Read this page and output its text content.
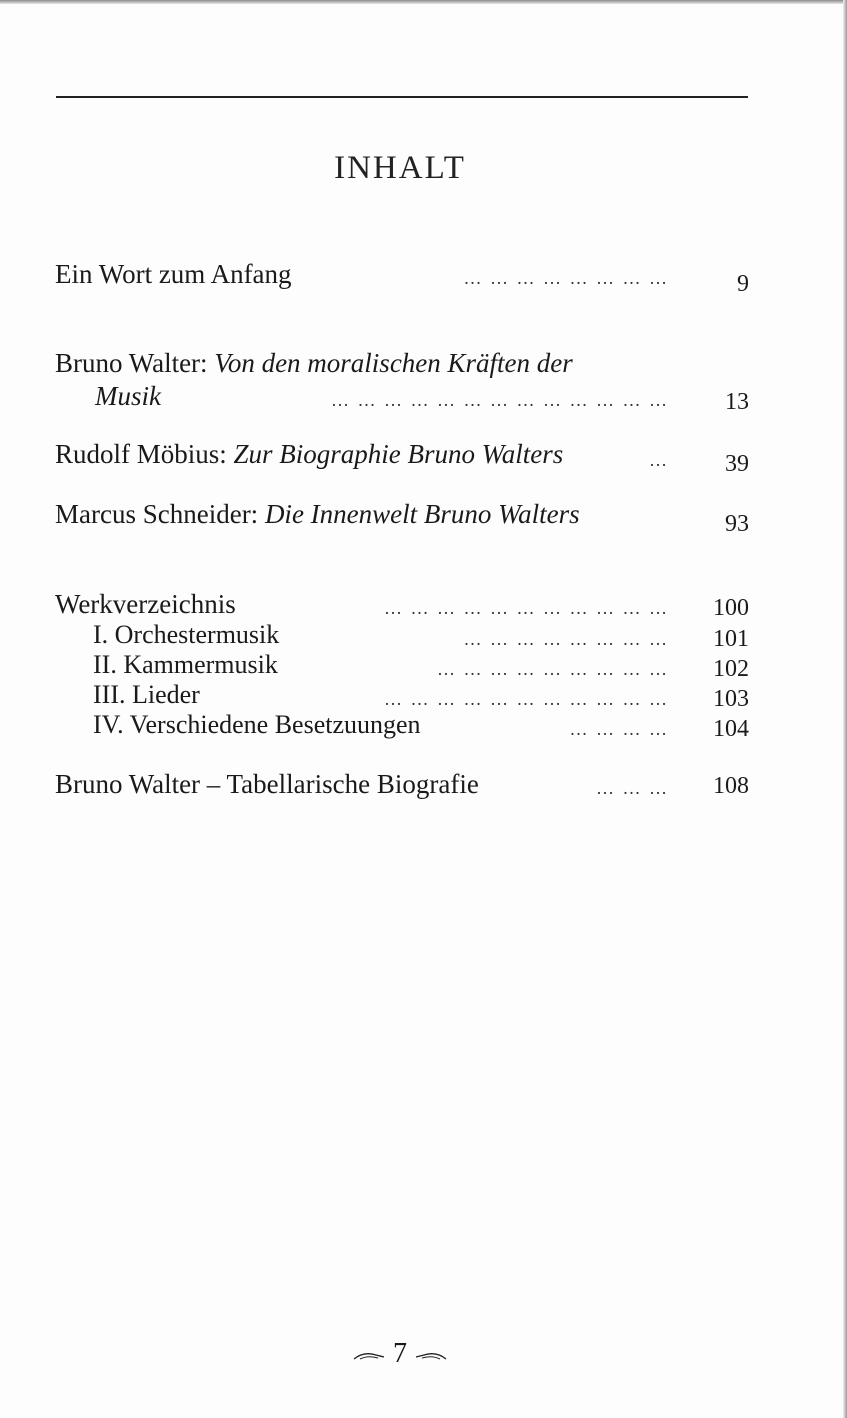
INHALT
Ein Wort zum Anfang	… … … … … … … …	9
Bruno Walter: Von den moralischen Kräften der
Musik	… … … … … … … … … … … … … 13
Rudolf Möbius: Zur Biographie Bruno Walters	… 39
Marcus Schneider: Die Innenwelt Bruno Walters	93
Werkverzeichnis	… … … … … … … … … … … 100
I. Orchestermusik	… … … … … … … … 101
II. Kammermusik	… … … … … … … … … 102
III. Lieder	… … … … … … … … … … … 103
IV. Verschiedene Besetzuungen	… … … … 104
Bruno Walter – Tabellarische Biografie	… … … 108
7
